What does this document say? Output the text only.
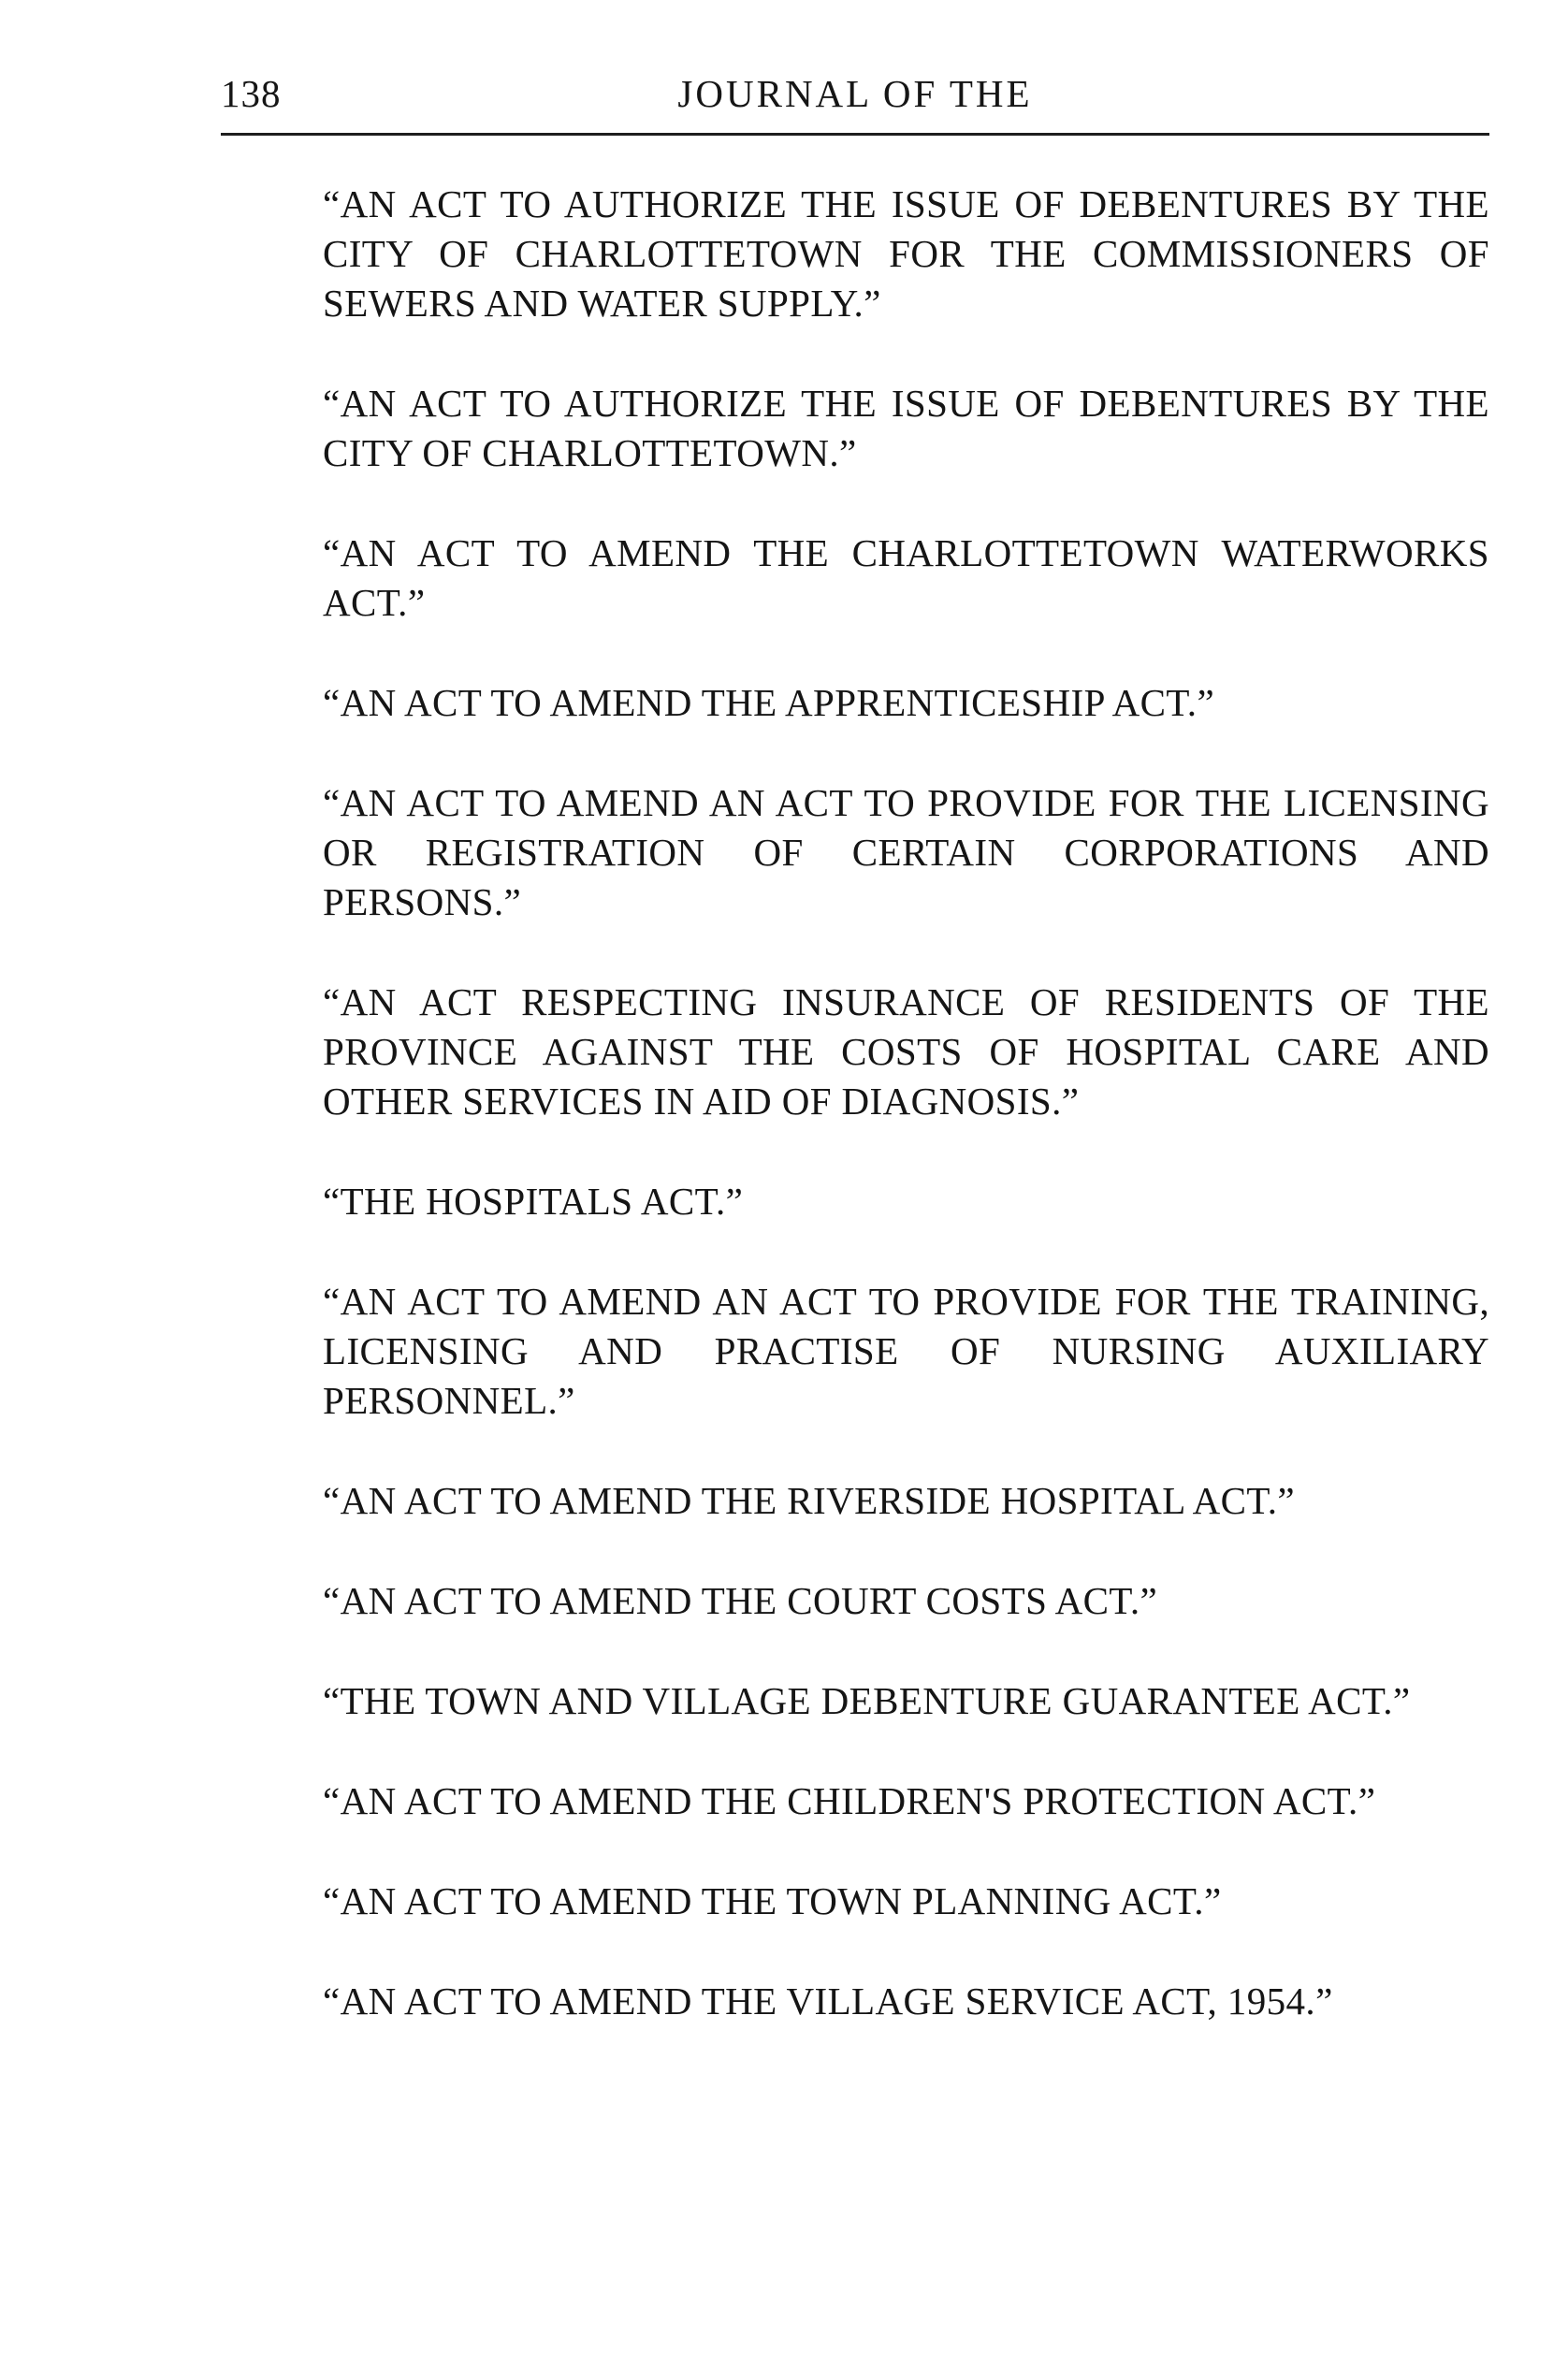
138	JOURNAL OF THE
“ AN ACT TO AUTHORIZE THE ISSUE OF DEBENTURES BY THE CITY OF CHARLOTTETOWN FOR THE COMMISSIONERS OF SEWERS AND WATER SUPPLY. ”
“ AN ACT TO AUTHORIZE THE ISSUE OF DEBENTURES BY THE CITY OF CHARLOTTETOWN. ”
“ AN ACT TO AMEND THE CHARLOTTETOWN WATERWORKS ACT. ”
“ AN ACT TO AMEND THE APPRENTICESHIP ACT. ”
“ AN ACT TO AMEND AN ACT TO PROVIDE FOR THE LICENSING OR REGISTRATION OF CERTAIN CORPORATIONS AND PERSONS. ”
“ AN ACT RESPECTING INSURANCE OF RESIDENTS OF THE PROVINCE AGAINST THE COSTS OF HOSPITAL CARE AND OTHER SERVICES IN AID OF DIAGNOSIS. ”
“ THE HOSPITALS ACT. ”
“ AN ACT TO AMEND AN ACT TO PROVIDE FOR THE TRAINING, LICENSING AND PRACTISE OF NURSING AUXILIARY PERSONNEL. ”
“ AN ACT TO AMEND THE RIVERSIDE HOSPITAL ACT. ”
“ AN ACT TO AMEND THE COURT COSTS ACT. ”
“ THE TOWN AND VILLAGE DEBENTURE GUARANTEE ACT. ”
“ AN ACT TO AMEND THE CHILDREN'S PROTECTION ACT. ”
“ AN ACT TO AMEND THE TOWN PLANNING ACT. ”
“ AN ACT TO AMEND THE VILLAGE SERVICE ACT, 1954. ”
